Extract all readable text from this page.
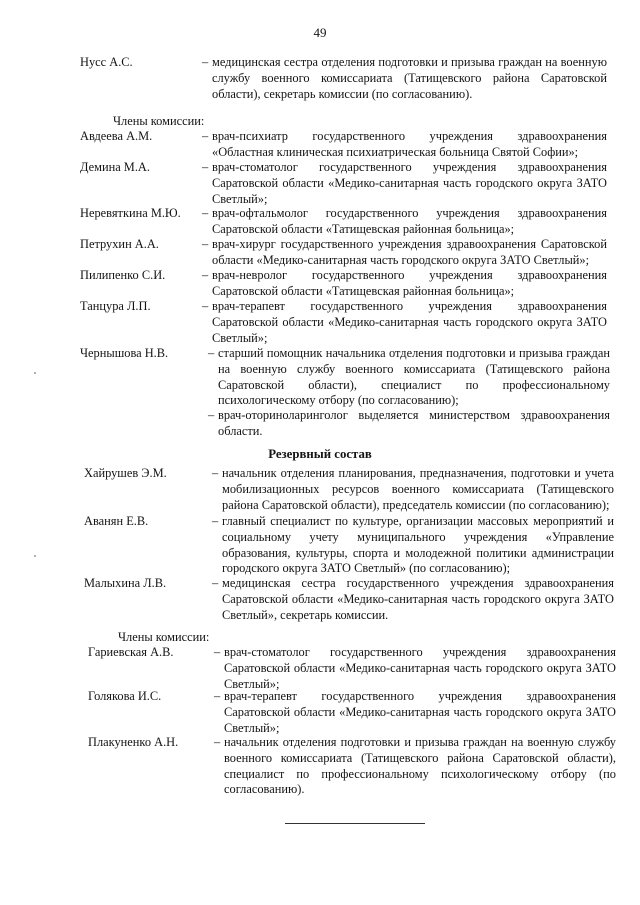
49
Нусс А.С.	– медицинская сестра отделения подготовки и призыва граждан на военную службу военного комиссариата (Татищевского района Саратовской области), секретарь комиссии (по согласованию).
Члены комиссии:
Авдеева А.М.	– врач-психиатр государственного учреждения здравоохранения «Областная клиническая психиатрическая больница Святой Софии»;
Демина М.А.	– врач-стоматолог государственного учреждения здравоохранения Саратовской области «Медико-санитарная часть городского округа ЗАТО Светлый»;
Неревяткина М.Ю. – врач-офтальмолог государственного учреждения здравоохранения Саратовской области «Татищевская районная больница»;
Петрухин А.А.	– врач-хирург государственного учреждения здравоохранения Саратовской области «Медико-санитарная часть городского округа ЗАТО Светлый»;
Пилипенко С.И.	– врач-невролог государственного учреждения здравоохранения Саратовской области «Татищевская районная больница»;
Танцура Л.П.	– врач-терапевт государственного учреждения здравоохранения Саратовской области «Медико-санитарная часть городского округа ЗАТО Светлый»;
Чернышова Н.В.	– старший помощник начальника отделения подготовки и призыва граждан на военную службу военного комиссариата (Татищевского района Саратовской области), специалист по профессиональному психологическому отбору (по согласованию);
– врач-оториноларинголог выделяется министерством здравоохранения области.
Резервный состав
Хайрушев Э.М.	– начальник отделения планирования, предназначения, подготовки и учета мобилизационных ресурсов военного комиссариата (Татищевского района Саратовской области), председатель комиссии (по согласованию);
Аванян Е.В.	– главный специалист по культуре, организации массовых мероприятий и социальному учету муниципального учреждения «Управление образования, культуры, спорта и молодежной политики администрации городского округа ЗАТО Светлый» (по согласованию);
Малыхина Л.В.	– медицинская сестра государственного учреждения здравоохранения Саратовской области «Медико-санитарная часть городского округа ЗАТО Светлый», секретарь комиссии.
Члены комиссии:
Гариевская А.В.	– врач-стоматолог государственного учреждения здравоохранения Саратовской области «Медико-санитарная часть городского округа ЗАТО Светлый»;
Голякова И.С.	– врач-терапевт государственного учреждения здравоохранения Саратовской области «Медико-санитарная часть городского округа ЗАТО Светлый»;
Плакуненко А.Н.	– начальник отделения подготовки и призыва граждан на военную службу военного комиссариата (Татищевского района Саратовской области), специалист по профессиональному психологическому отбору (по согласованию).
